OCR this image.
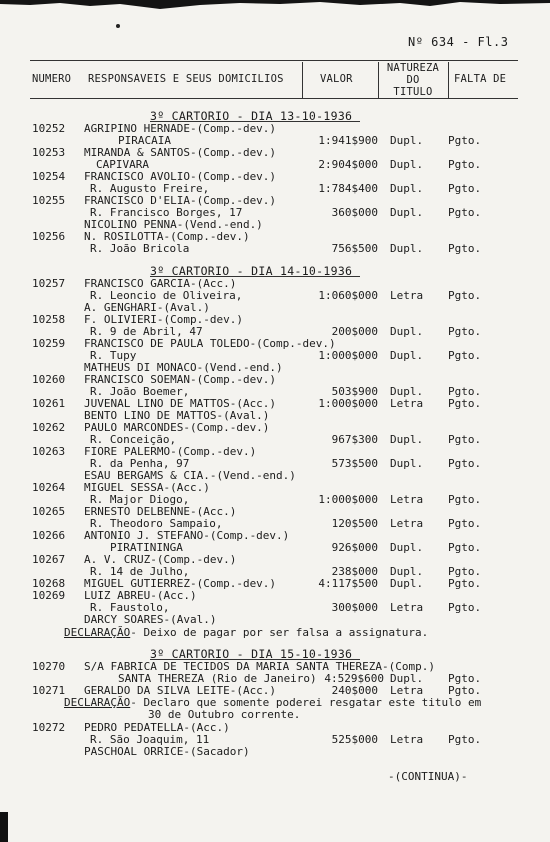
Nº 634 - Fl.3
NUMERO RESPONSAVEIS E SEUS DOMICILIOS	VALOR
NATUREZA
DO
TITULO
FALTA DE
3º CARTORIO - DIA 13-10-1936
10252 AGRIPINO HERNADE-(Comp.-dev.)
PIRACAIA	1:941$900 Dupl. Pgto.
10253 MIRANDA & SANTOS-(Comp.-dev.)
CAPIVARA	2:904$000 Dupl. Pgto.
10254 FRANCISCO AVOLIO-(Comp.-dev.)
R. Augusto Freire,	1:784$400 Dupl. Pgto.
10255 FRANCISCO D'ELIA-(Comp.-dev.)
R. Francisco Borges, 17	360$000 Dupl. Pgto.
NICOLINO PENNA-(Vend.-end.)
10256 N. ROSILOTTA-(Comp.-dev.)
R. João Bricola	756$500 Dupl. Pgto.
3º CARTORIO - DIA 14-10-1936
10257 FRANCISCO GARCIA-(Acc.)
R. Leoncio de Oliveira,	1:060$000 Letra Pgto.
A. GENGHARI-(Aval.)
10258 F. OLIVIERI-(Comp.-dev.)
R. 9 de Abril, 47	200$000 Dupl. Pgto.
10259 FRANCISCO DE PAULA TOLEDO-(Comp.-dev.)
R. Tupy	1:000$000 Dupl. Pgto.
MATHEUS DI MONACO-(Vend.-end.)
10260 FRANCISCO SOEMAN-(Comp.-dev.)
R. João Boemer,	503$900 Dupl. Pgto.
10261 JUVENAL LINO DE MATTOS-(Acc.)	1:000$000 Letra Pgto.
BENTO LINO DE MATTOS-(Aval.)
10262 PAULO MARCONDES-(Comp.-dev.)
R. Conceição,	967$300 Dupl. Pgto.
10263 FIORE PALERMO-(Comp.-dev.)
R. da Penha, 97	573$500 Dupl. Pgto.
ESAU BERGAMS & CIA.-(Vend.-end.)
10264 MIGUEL SESSA-(Acc.)
R. Major Diogo,	1:000$000 Letra Pgto.
10265 ERNESTO DELBENNE-(Acc.)
R. Theodoro Sampaio,	120$500 Letra Pgto.
10266 ANTONIO J. STEFANO-(Comp.-dev.)
PIRATININGA	926$000 Dupl. Pgto.
10267 A. V. CRUZ-(Comp.-dev.)
R. 14 de Julho,	238$000 Dupl. Pgto.
10268 MIGUEL GUTIERREZ-(Comp.-dev.)	4:117$500 Dupl. Pgto.
10269 LUIZ ABREU-(Acc.)
R. Faustolo,	300$000 Letra Pgto.
DARCY SOARES-(Aval.)
DECLARAÇÃO- Deixo de pagar por ser falsa a assignatura.
3º CARTORIO - DIA 15-10-1936
10270 S/A FABRICA DE TECIDOS DA MARIA SANTA THEREZA-(Comp.)
SANTA THEREZA (Rio de Janeiro) 4:529$600 Dupl. Pgto.
10271 GERALDO DA SILVA LEITE-(Acc.)	240$000 Letra Pgto.
DECLARAÇÃO- Declaro que somente poderei resgatar este titulo em
30 de Outubro corrente.
10272 PEDRO PEDATELLA-(Acc.)
R. São Joaquim, 11	525$000 Letra Pgto.
PASCHOAL ORRICE-(Sacador)
-(CONTINUA)-
